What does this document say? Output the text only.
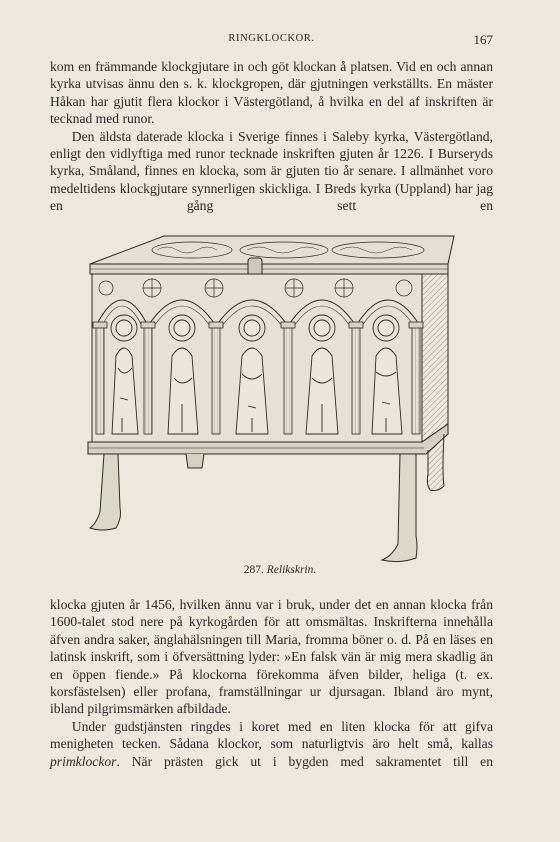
RINGKLOCKOR.	167

kom en främmande klockgjutare in och göt klockan å platsen. Vid en och annan kyrka utvisas ännu den s. k. klockgropen, där gjutningen verkställts. En mäster Håkan har gjutit flera klockor i Västergötland, å hvilka en del af inskriften är tecknad med runor.

Den äldsta daterade klocka i Sverige finnes i Saleby kyrka, Västergötland, enligt den vidlyftiga med runor tecknade inskriften gjuten år 1226. I Burseryds kyrka, Småland, finnes en klocka, som är gjuten tio år senare. I allmänhet voro medeltidens klockgjutare synnerligen skickliga. I Breds kyrka (Uppland) har jag en gång sett en

287. Relikskrin.

klocka gjuten år 1456, hvilken ännu var i bruk, under det en annan klocka från 1600-talet stod nere på kyrkogården för att omsmältas. Inskrifterna innehålla äfven andra saker, änglahälsningen till Maria, fromma böner o. d. På en läses en latinsk inskrift, som i öfversättning lyder: »En falsk vän är mig mera skadlig än en öppen fiende.» På klockorna förekomma äfven bilder, heliga (t. ex. korsfästelsen) eller profana, framställningar ur djursagan. Ibland äro mynt, ibland pilgrimsmärken afbildade.

Under gudstjänsten ringdes i koret med en liten klocka för att gifva menigheten tecken. Sådana klockor, som naturligtvis äro helt små, kallas primklockor. När prästen gick ut i bygden med sakramentet till en
